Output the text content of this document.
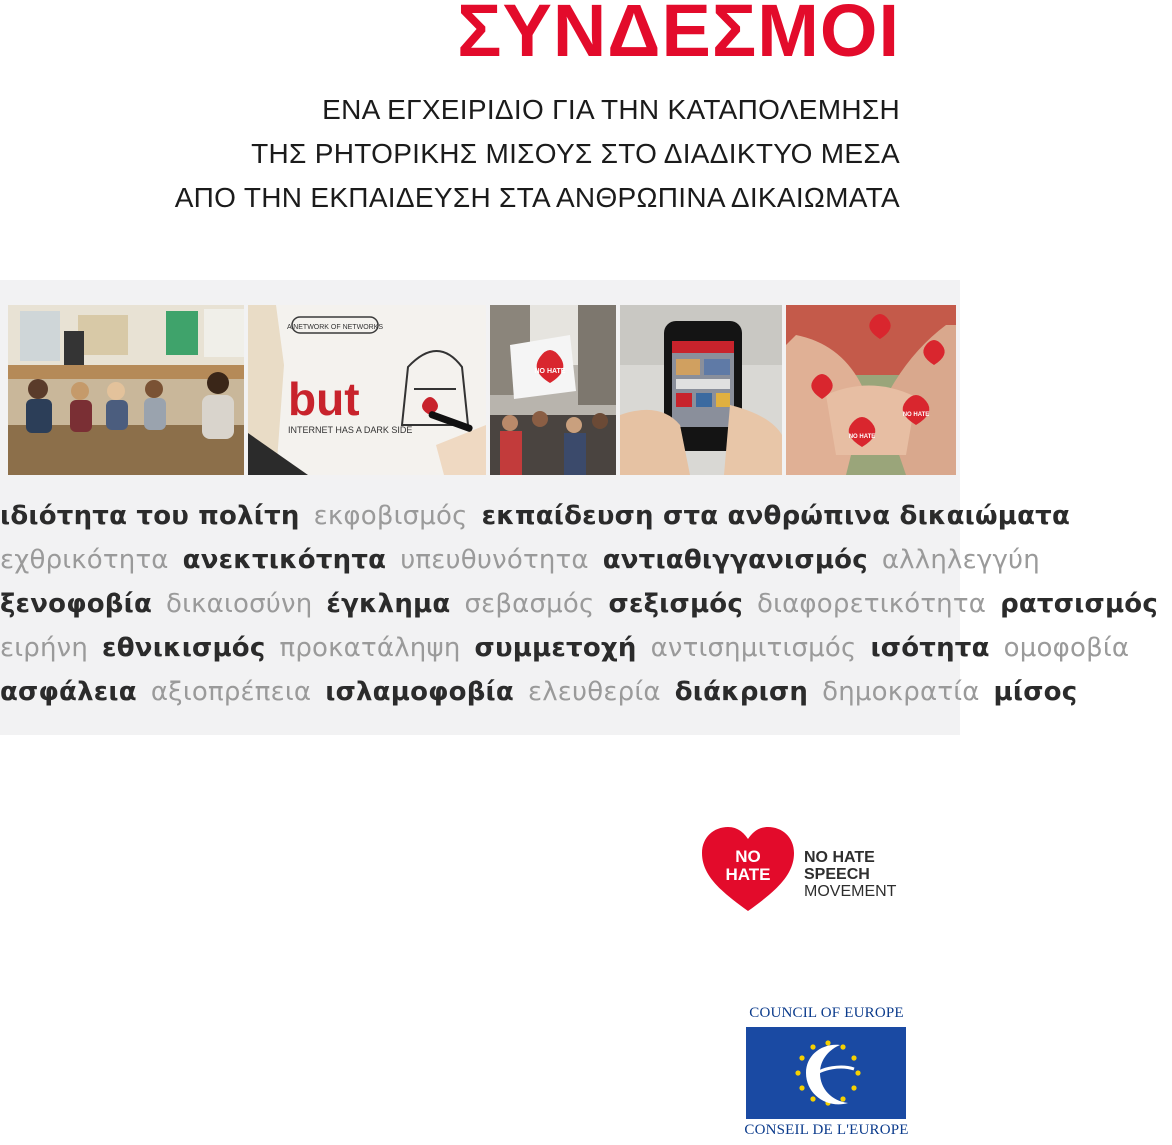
ΣΥΝΔΕΣΜΟΙ
ΕΝΑ ΕΓΧΕΙΡΙΔΙΟ ΓΙΑ ΤΗΝ ΚΑΤΑΠΟΛΕΜΗΣΗ
ΤΗΣ ΡΗΤΟΡΙΚΗΣ ΜΙΣΟΥΣ ΣΤΟ ΔΙΑΔΙΚΤΥΟ ΜΕΣΑ
ΑΠΟ ΤΗΝ ΕΚΠΑΙΔΕΥΣΗ ΣΤΑ ΑΝΘΡΩΠΙΝΑ ΔΙΚΑΙΩΜΑΤΑ
A NETWORK OF NETWORKS
but
INTERNET HAS A DARK SIDE
NO HATE
NO HATE
NO HATE
ιδιότητα του πολίτη εκφοβισμός εκπαίδευση στα ανθρώπινα δικαιώματα
εχθρικότητα ανεκτικότητα υπευθυνότητα αντιαθιγγανισμός αλληλεγγύη
ξενοφοβία δικαιοσύνη έγκλημα σεβασμός σεξισμός διαφορετικότητα ρατσισμός
ειρήνη εθνικισμός προκατάληψη συμμετοχή αντισημιτισμός ισότητα ομοφοβία
ασφάλεια αξιοπρέπεια ισλαμοφοβία ελευθερία διάκριση δημοκρατία μίσος
NO
HATE
NO HATE
SPEECH
MOVEMENT
COUNCIL OF EUROPE
CONSEIL DE L'EUROPE
